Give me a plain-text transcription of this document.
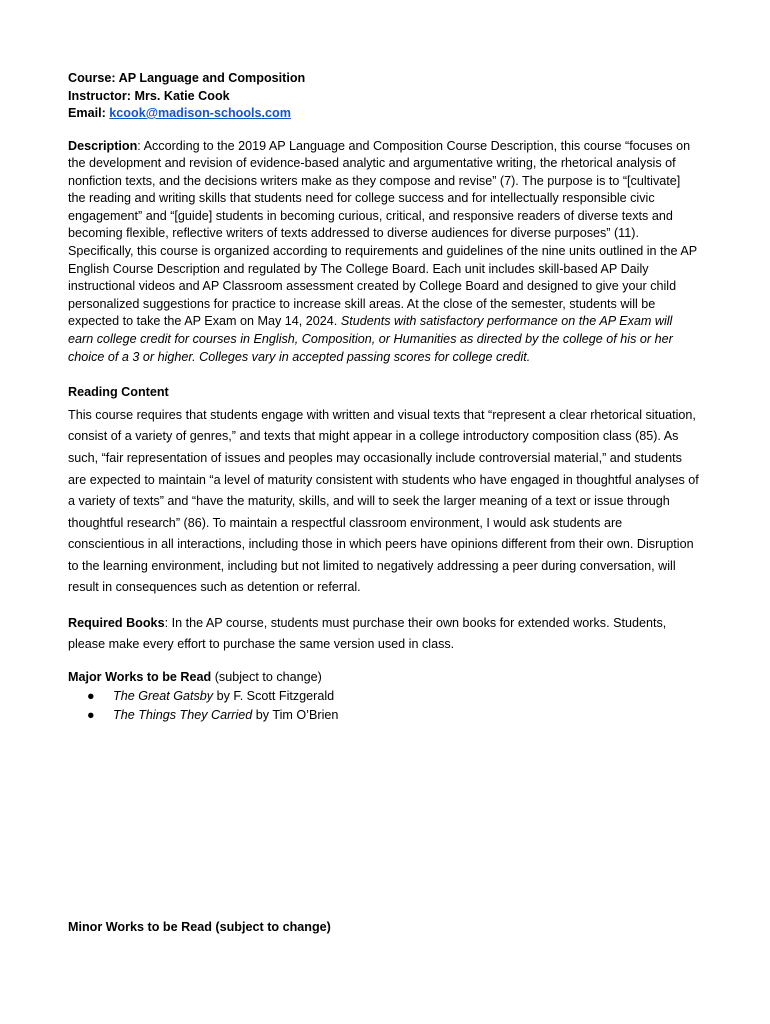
Course: AP Language and Composition

Instructor: Mrs. Katie Cook

Email: kcook@madison-schools.com

Description: According to the 2019 AP Language and Composition Course Description, this course “focuses on the development and revision of evidence-based analytic and argumentative writing, the rhetorical analysis of nonfiction texts, and the decisions writers make as they compose and revise” (7). The purpose is to “[cultivate] the reading and writing skills that students need for college success and for intellectually responsible civic engagement” and “[guide] students in becoming curious, critical, and responsive readers of diverse texts and becoming flexible, reflective writers of texts addressed to diverse audiences for diverse purposes” (11). Specifically, this course is organized according to requirements and guidelines of the nine units outlined in the AP English Course Description and regulated by The College Board. Each unit includes skill-based AP Daily instructional videos and AP Classroom assessment created by College Board and designed to give your child personalized suggestions for practice to increase skill areas. At the close of the semester, students will be expected to take the AP Exam on May 14, 2024. Students with satisfactory performance on the AP Exam will earn college credit for courses in English, Composition, or Humanities as directed by the college of his or her choice of a 3 or higher. Colleges vary in accepted passing scores for college credit.

Reading Content

This course requires that students engage with written and visual texts that “represent a clear rhetorical situation, consist of a variety of genres,” and texts that might appear in a college introductory composition class (85). As such, “fair representation of issues and peoples may occasionally include controversial material,” and students are expected to maintain “a level of maturity consistent with students who have engaged in thoughtful analyses of a variety of texts” and “have the maturity, skills, and will to seek the larger meaning of a text or issue through thoughtful research” (86). To maintain a respectful classroom environment, I would ask students are conscientious in all interactions, including those in which peers have opinions different from their own. Disruption to the learning environment, including but not limited to negatively addressing a peer during conversation, will result in consequences such as detention or referral.

Required Books: In the AP course, students must purchase their own books for extended works. Students, please make every effort to purchase the same version used in class.

Major Works to be Read (subject to change)

● The Great Gatsby by F. Scott Fitzgerald
● The Things They Carried by Tim O’Brien

Minor Works to be Read (subject to change)
